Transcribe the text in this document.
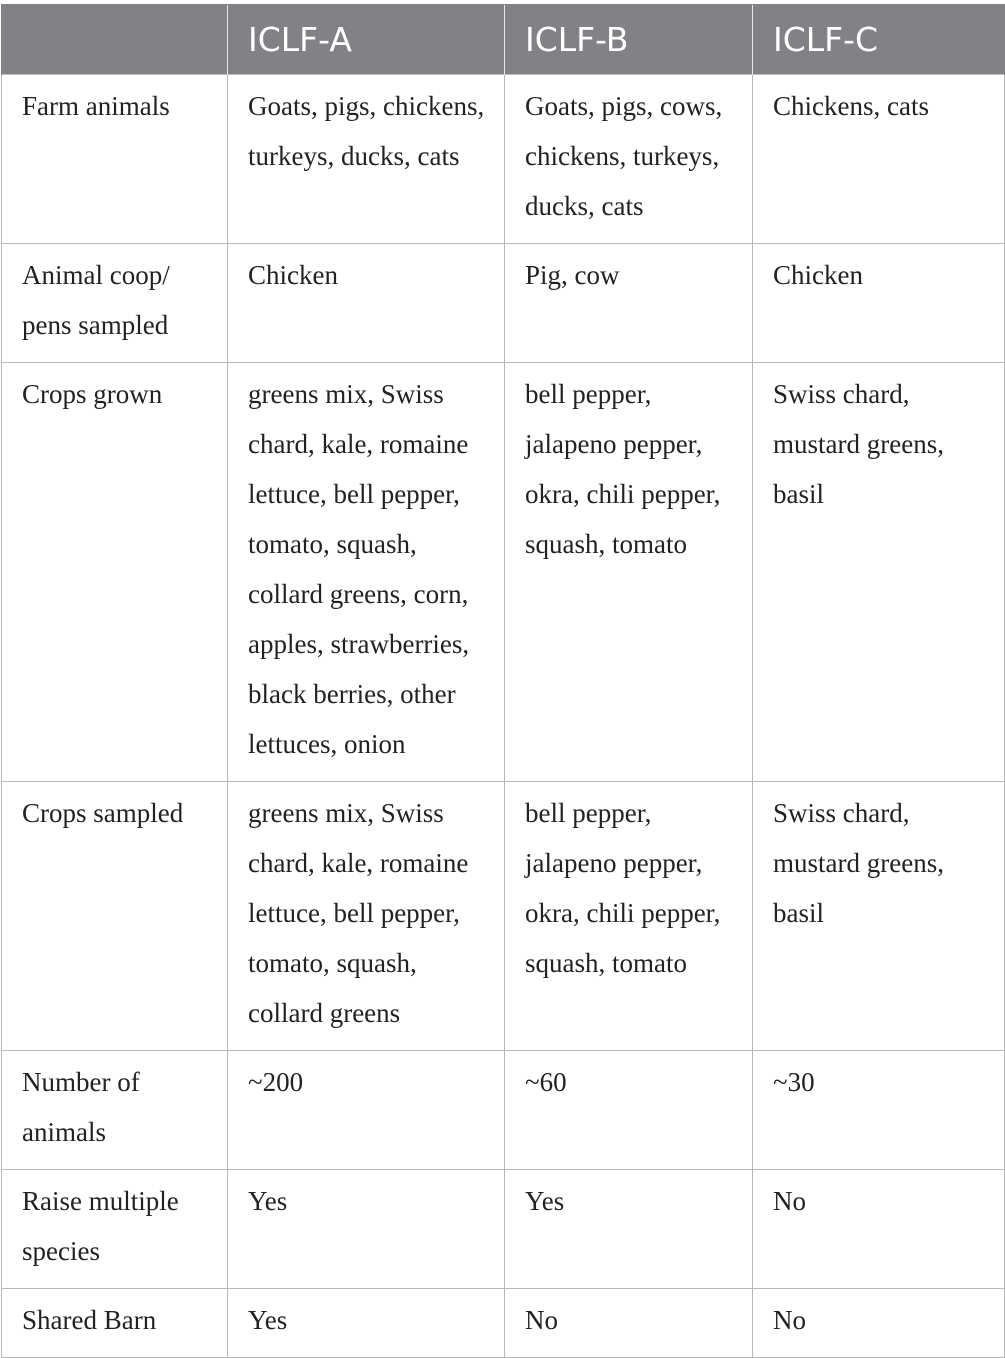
	ICLF-A	ICLF-B	ICLF-C
Farm animals	Goats, pigs, chickens, turkeys, ducks, cats	Goats, pigs, cows, chickens, turkeys, ducks, cats	Chickens, cats
Animal coop/ pens sampled	Chicken	Pig, cow	Chicken
Crops grown	greens mix, Swiss chard, kale, romaine lettuce, bell pepper, tomato, squash, collard greens, corn, apples, strawberries, black berries, other lettuces, onion	bell pepper, jalapeno pepper, okra, chili pepper, squash, tomato	Swiss chard, mustard greens, basil
Crops sampled	greens mix, Swiss chard, kale, romaine lettuce, bell pepper, tomato, squash, collard greens	bell pepper, jalapeno pepper, okra, chili pepper, squash, tomato	Swiss chard, mustard greens, basil
Number of animals	~200	~60	~30
Raise multiple species	Yes	Yes	No
Shared Barn	Yes	No	No
